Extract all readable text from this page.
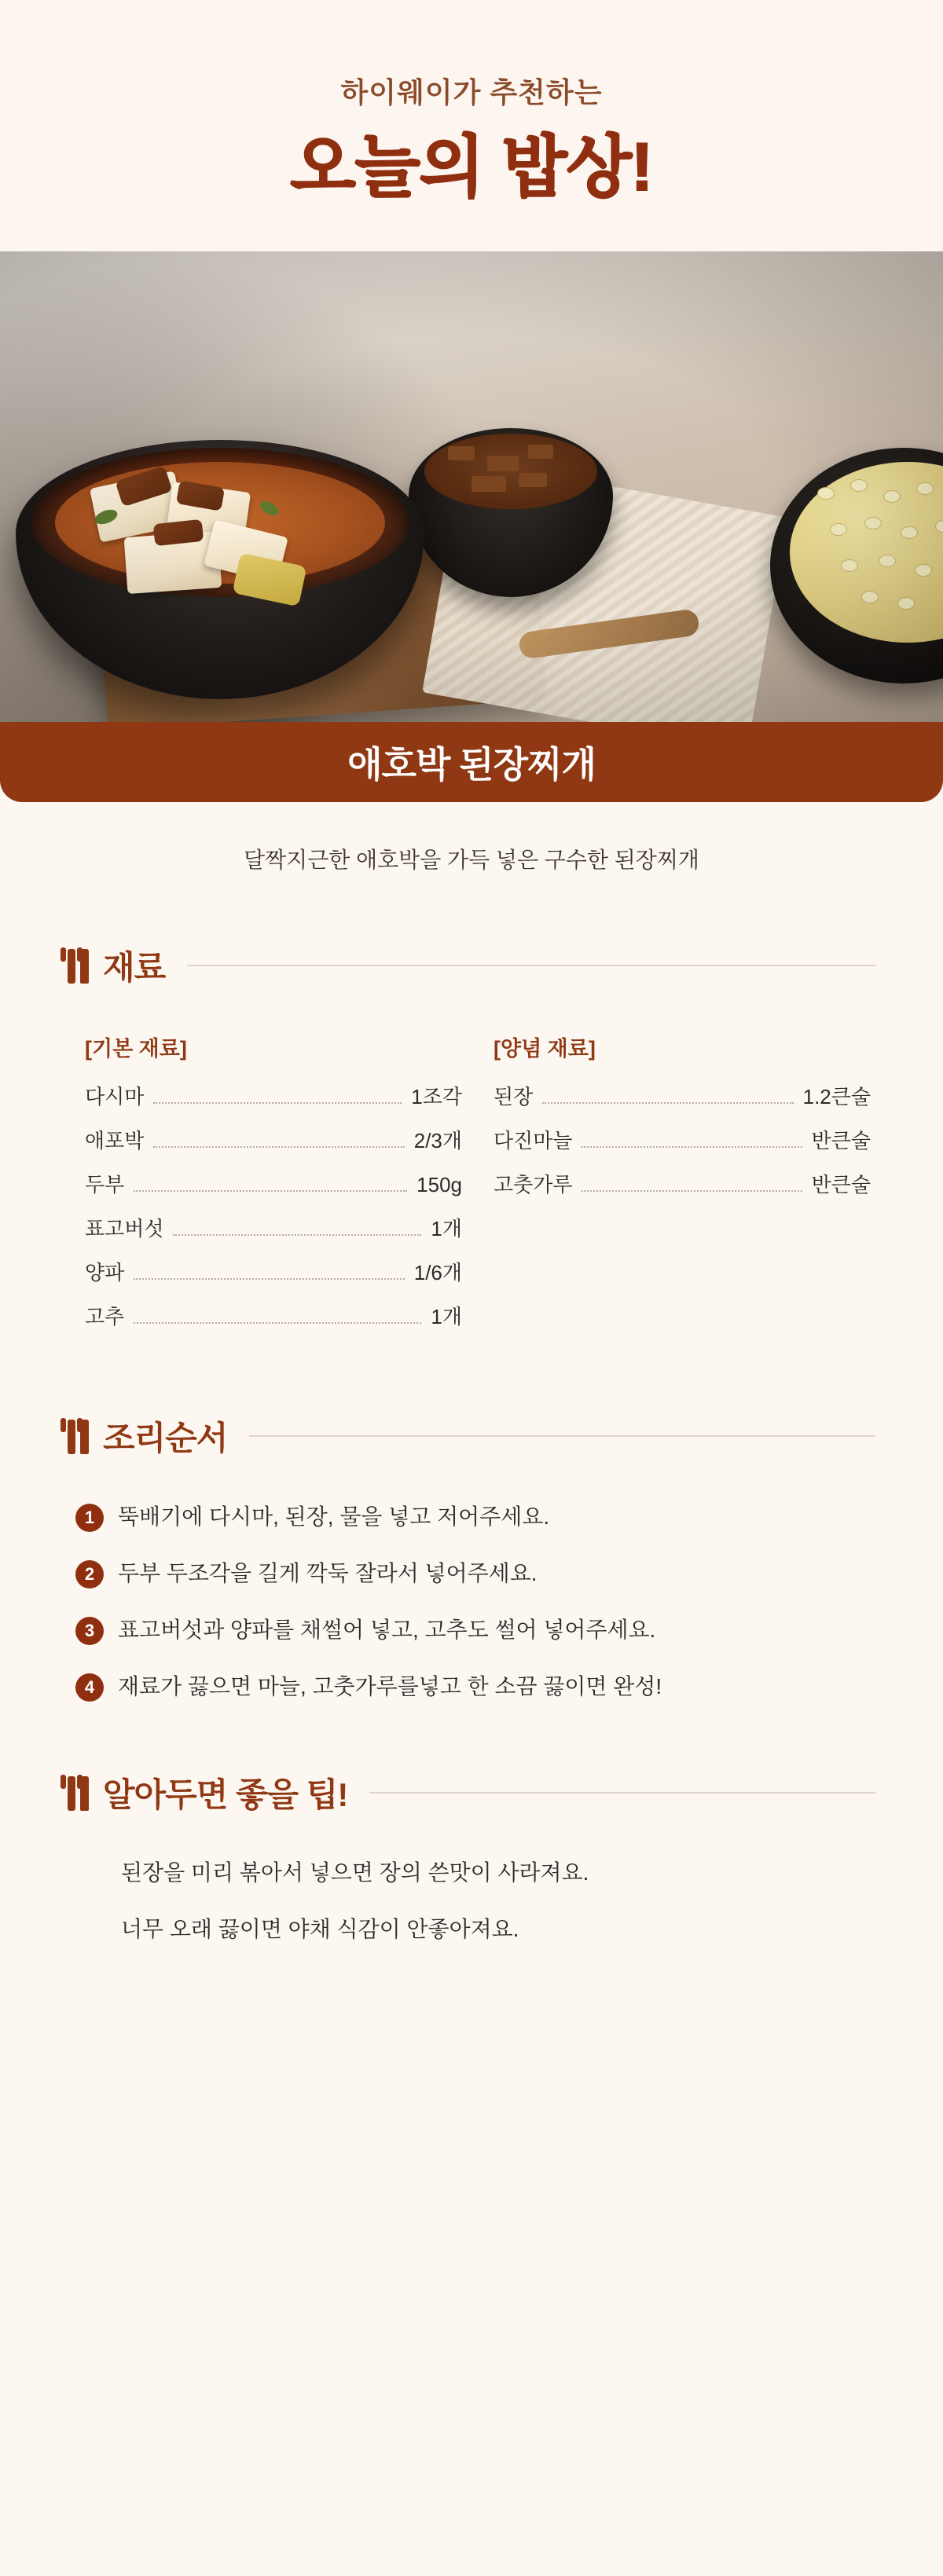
하이웨이가 추천하는
오늘의 밥상!
애호박 된장찌개
달짝지근한 애호박을 가득 넣은 구수한 된장찌개
재료
[기본 재료]
다시마	1조각
애포박	2/3개
두부	150g
표고버섯	1개
양파	1/6개
고추	1개
[양념 재료]
된장	1.2큰술
다진마늘	반큰술
고춧가루	반큰술
조리순서
1	뚝배기에 다시마, 된장, 물을 넣고 저어주세요.
2	두부 두조각을 길게 깍둑 잘라서 넣어주세요.
3	표고버섯과 양파를 채썰어 넣고, 고추도 썰어 넣어주세요.
4	재료가 끓으면 마늘, 고춧가루를넣고 한 소끔 끓이면 완성!
알아두면 좋을 팁!
된장을 미리 볶아서 넣으면 장의 쓴맛이 사라져요.
너무 오래 끓이면 야채 식감이 안좋아져요.
